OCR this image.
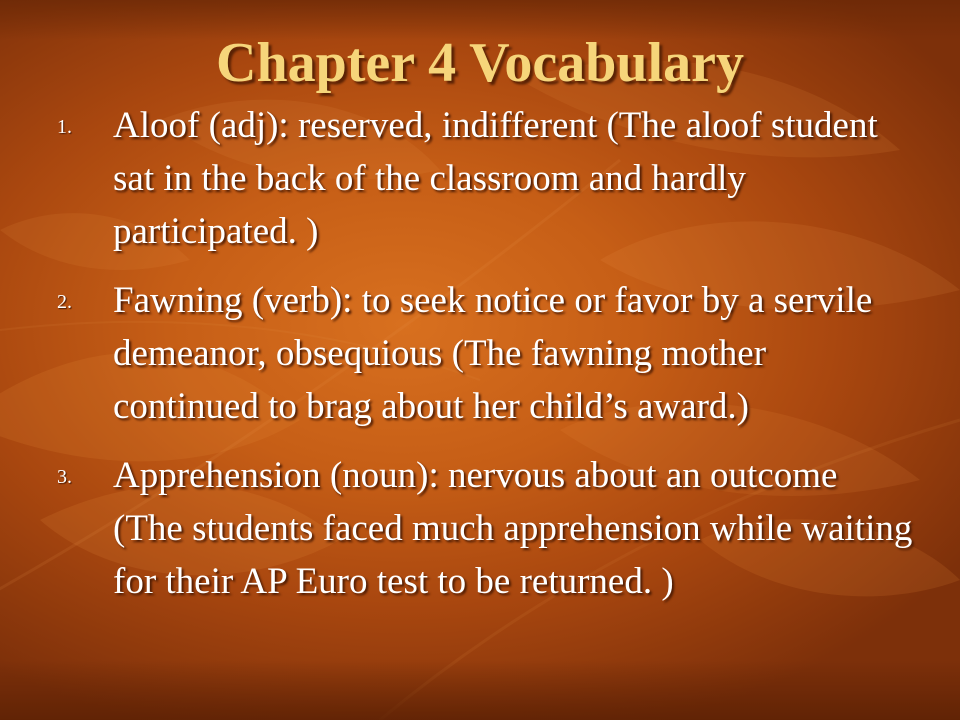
Chapter 4 Vocabulary
1. Aloof (adj): reserved, indifferent (The aloof student sat in the back of the classroom and hardly participated. )
2. Fawning (verb): to seek notice or favor by a servile demeanor, obsequious (The fawning mother continued to brag about her child’s award.)
3. Apprehension (noun): nervous about an outcome (The students faced much apprehension while waiting for their AP Euro test to be returned. )
